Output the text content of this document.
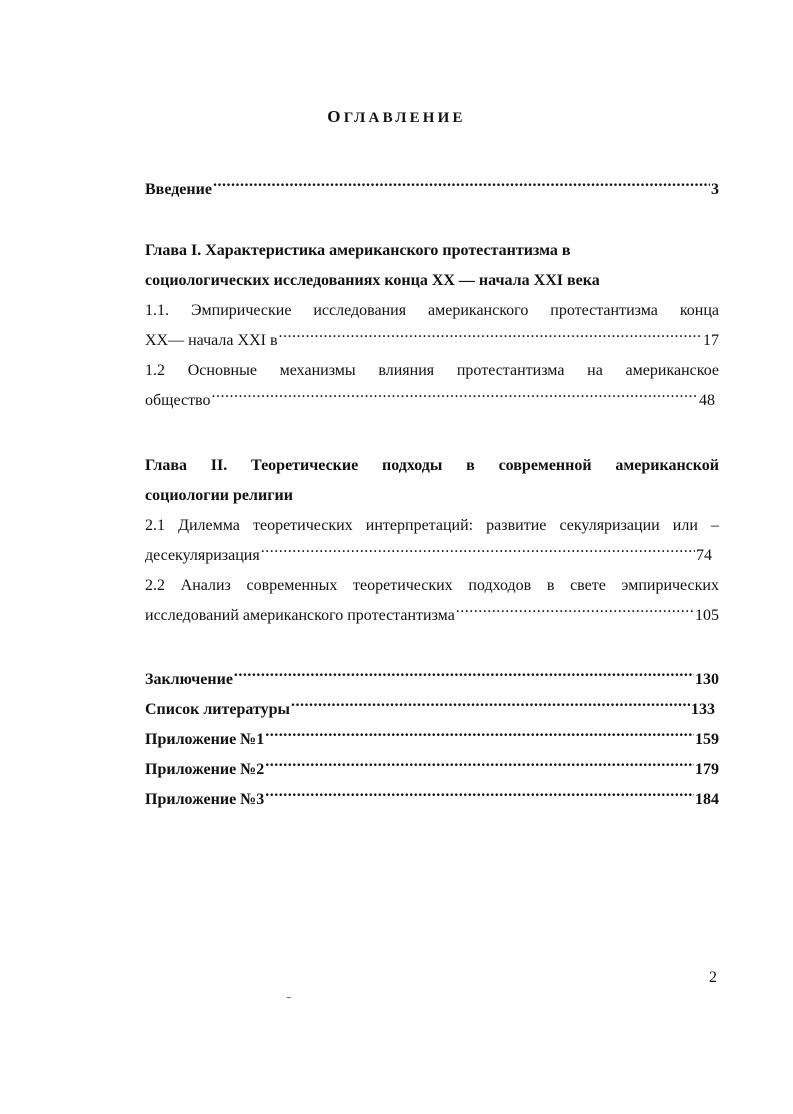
ОГЛАВЛЕНИЕ
Введение .....	3
Глава I. Характеристика американского протестантизма в
социологических исследованиях конца XX — начала XXI века
1.1. Эмпирические исследования американского протестантизма конца
XX— начала XXI в .....	17
1.2 Основные механизмы влияния протестантизма на американское
общество .....	48
Глава II. Теоретические подходы в современной американской
социологии религии
2.1 Дилемма теоретических интерпретаций: развитие секуляризации или –
десекуляризация .....	74
2.2 Анализ современных теоретических подходов в свете эмпирических
исследований американского протестантизма .....	105
Заключение .....	130
Список литературы .....	133
Приложение №1 .....	159
Приложение №2 .....	179
Приложение №3 .....	184
2
